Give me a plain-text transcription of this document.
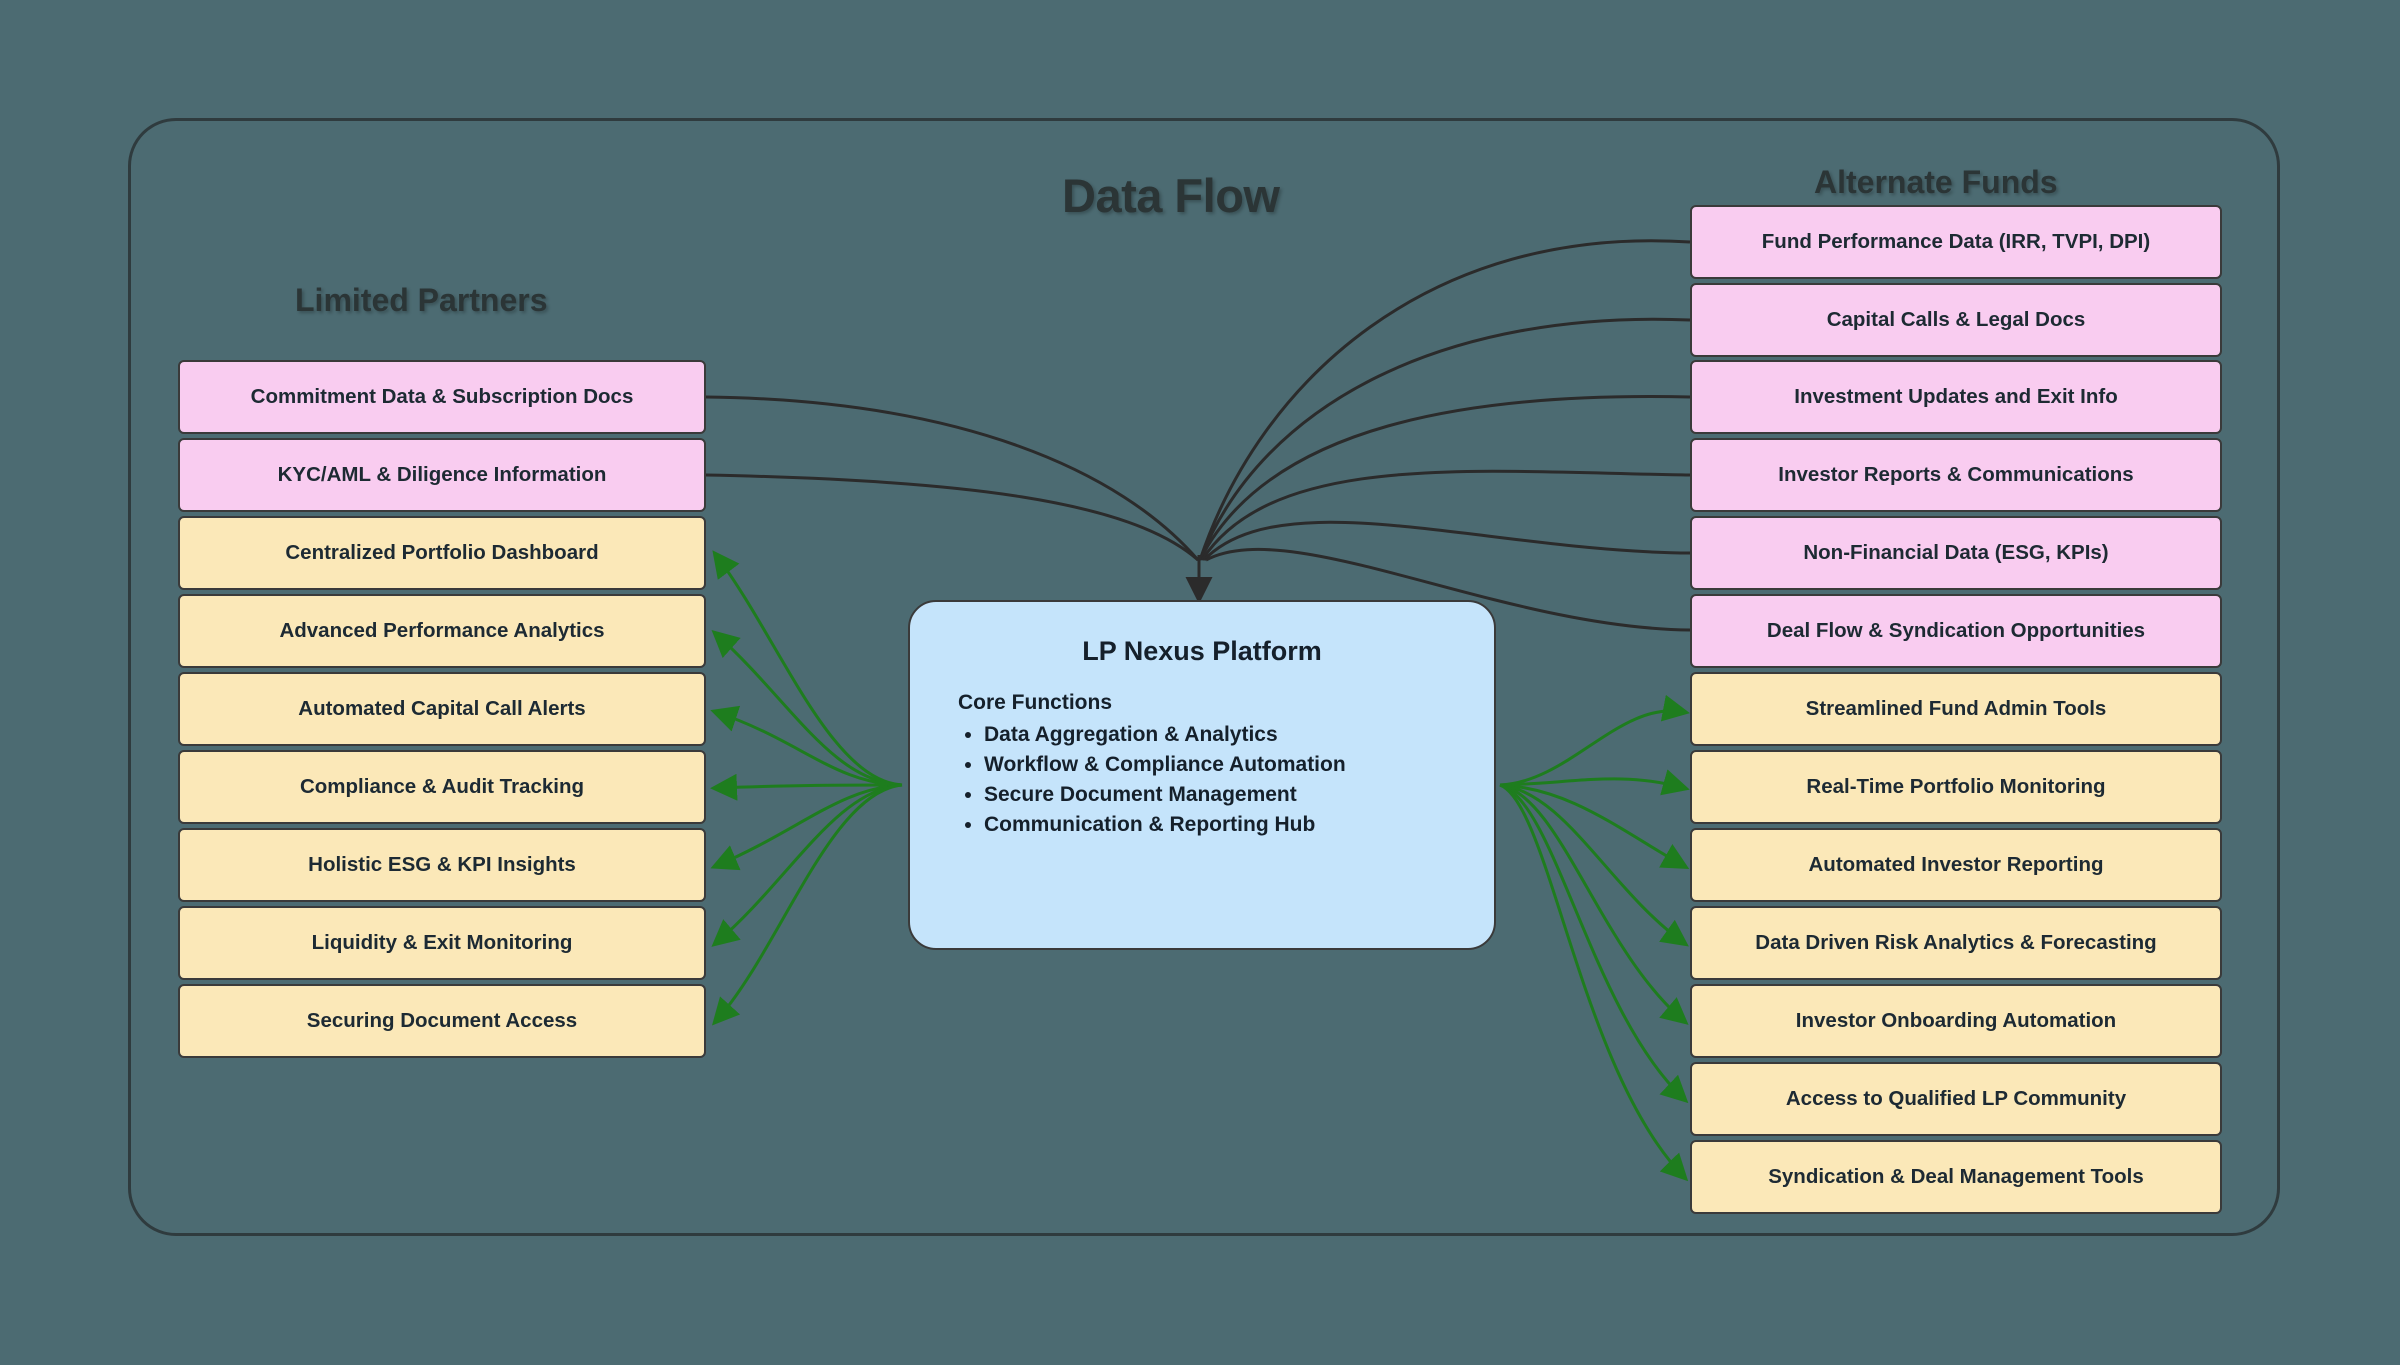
Data Flow
Limited Partners
Alternate Funds
Commitment Data & Subscription Docs
KYC/AML & Diligence Information
Centralized Portfolio Dashboard
Advanced Performance Analytics
Automated Capital Call Alerts
Compliance & Audit Tracking
Holistic ESG & KPI Insights
Liquidity & Exit Monitoring
Securing Document Access
Fund Performance Data (IRR, TVPI, DPI)
Capital Calls & Legal Docs
Investment Updates and Exit Info
Investor Reports & Communications
Non-Financial Data (ESG, KPIs)
Deal Flow & Syndication Opportunities
Streamlined Fund Admin Tools
Real-Time Portfolio Monitoring
Automated Investor Reporting
Data Driven Risk Analytics & Forecasting
Investor Onboarding Automation
Access to Qualified LP Community
Syndication & Deal Management Tools
LP Nexus Platform
Core Functions
• Data Aggregation & Analytics
• Workflow & Compliance Automation
• Secure Document Management
• Communication & Reporting Hub
